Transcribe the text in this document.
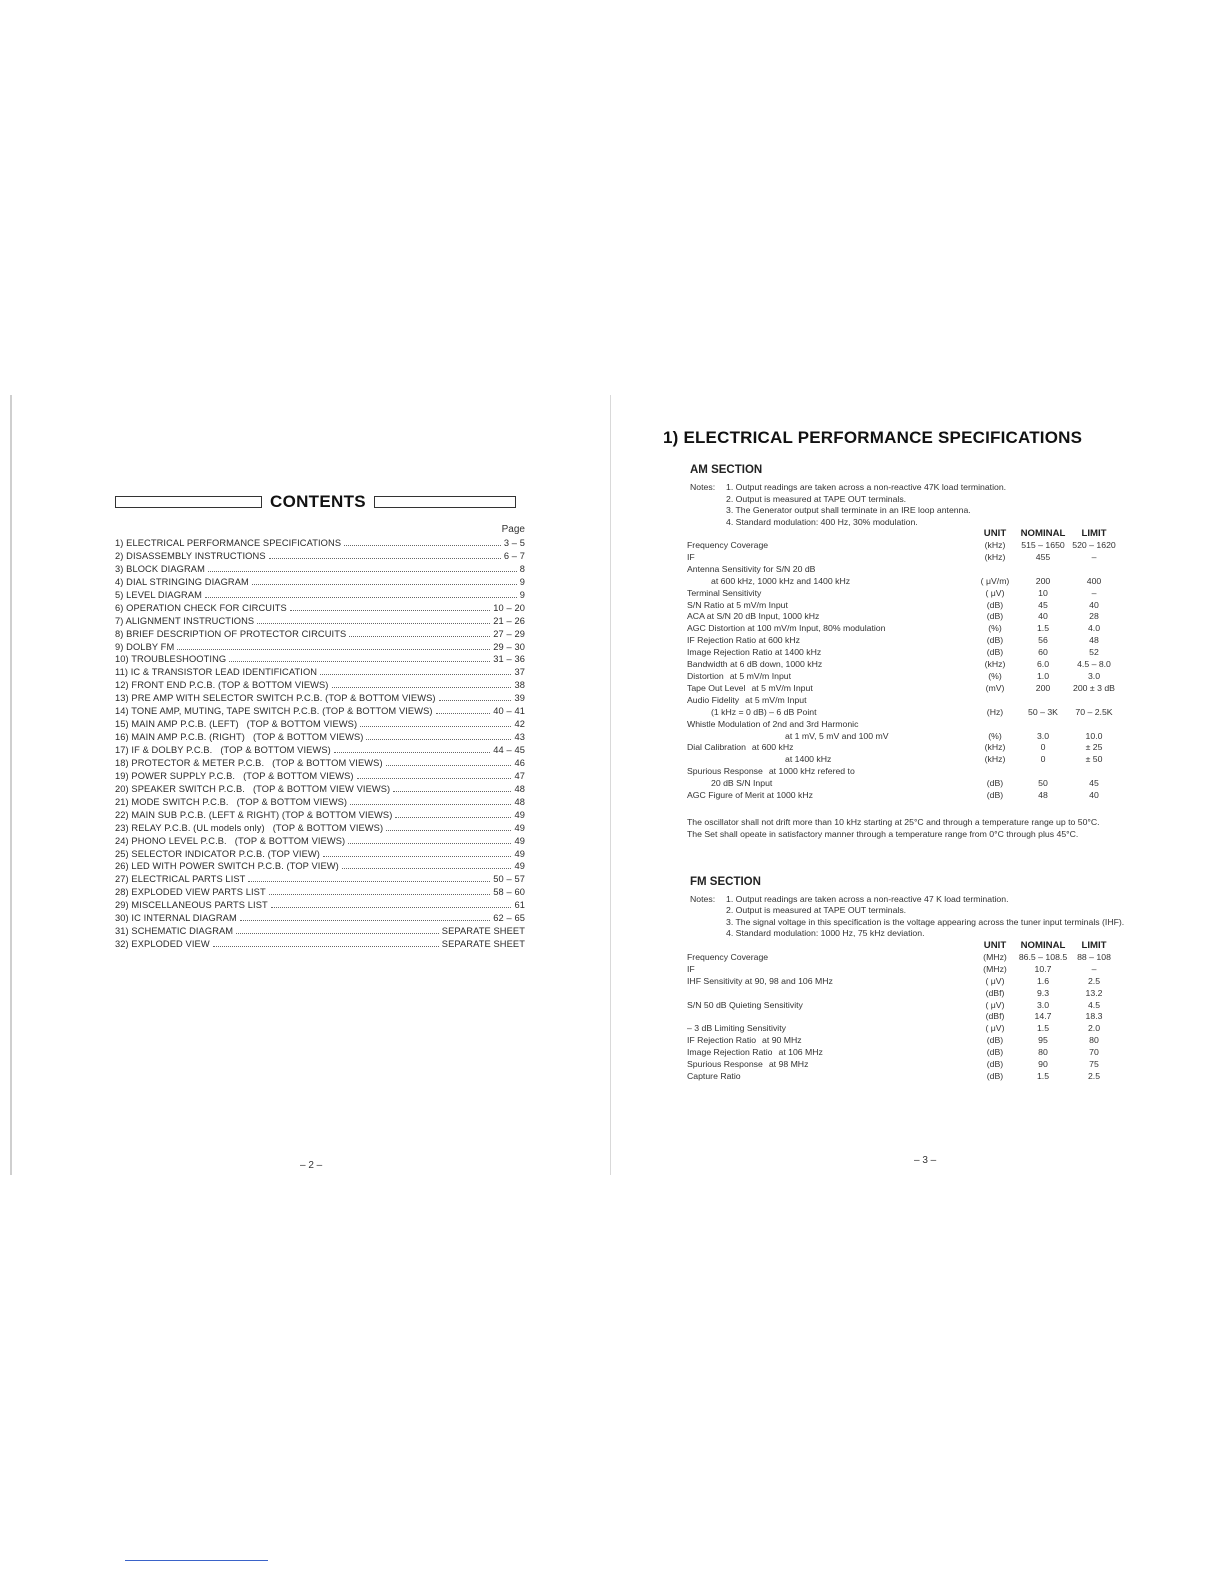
CONTENTS
Page
1) ELECTRICAL PERFORMANCE SPECIFICATIONS	3 – 5
2) DISASSEMBLY INSTRUCTIONS	6 – 7
3) BLOCK DIAGRAM	8
4) DIAL STRINGING DIAGRAM	9
5) LEVEL DIAGRAM	9
6) OPERATION CHECK FOR CIRCUITS	10 – 20
7) ALIGNMENT INSTRUCTIONS	21 – 26
8) BRIEF DESCRIPTION OF PROTECTOR CIRCUITS	27 – 29
9) DOLBY FM	29 – 30
10) TROUBLESHOOTING	31 – 36
11) IC & TRANSISTOR LEAD IDENTIFICATION	37
12) FRONT END P.C.B. (TOP & BOTTOM VIEWS)	38
13) PRE AMP WITH SELECTOR SWITCH P.C.B. (TOP & BOTTOM VIEWS)	39
14) TONE AMP, MUTING, TAPE SWITCH P.C.B. (TOP & BOTTOM VIEWS)	40 – 41
15) MAIN AMP P.C.B. (LEFT) (TOP & BOTTOM VIEWS)	42
16) MAIN AMP P.C.B. (RIGHT) (TOP & BOTTOM VIEWS)	43
17) IF & DOLBY P.C.B. (TOP & BOTTOM VIEWS)	44 – 45
18) PROTECTOR & METER P.C.B. (TOP & BOTTOM VIEWS)	46
19) POWER SUPPLY P.C.B. (TOP & BOTTOM VIEWS)	47
20) SPEAKER SWITCH P.C.B. (TOP & BOTTOM VIEW VIEWS)	48
21) MODE SWITCH P.C.B. (TOP & BOTTOM VIEWS)	48
22) MAIN SUB P.C.B. (LEFT & RIGHT) (TOP & BOTTOM VIEWS)	49
23) RELAY P.C.B. (UL models only) (TOP & BOTTOM VIEWS)	49
24) PHONO LEVEL P.C.B. (TOP & BOTTOM VIEWS)	49
25) SELECTOR INDICATOR P.C.B. (TOP VIEW)	49
26) LED WITH POWER SWITCH P.C.B. (TOP VIEW)	49
27) ELECTRICAL PARTS LIST	50 – 57
28) EXPLODED VIEW PARTS LIST	58 – 60
29) MISCELLANEOUS PARTS LIST	61
30) IC INTERNAL DIAGRAM	62 – 65
31) SCHEMATIC DIAGRAM	SEPARATE SHEET
32) EXPLODED VIEW	SEPARATE SHEET
– 2 –
1) ELECTRICAL PERFORMANCE SPECIFICATIONS
AM SECTION
Notes:	1. Output readings are taken across a non-reactive 47K load termination.
2. Output is measured at TAPE OUT terminals.
3. The Generator output shall terminate in an IRE loop antenna.
4. Standard modulation: 400 Hz, 30% modulation.
	UNIT	NOMINAL	LIMIT
Frequency Coverage	(kHz)	515 – 1650	520 – 1620
IF	(kHz)	455	–
Antenna Sensitivity for S/N 20 dB			
at 600 kHz, 1000 kHz and 1400 kHz	( μV/m)	200	400
Terminal Sensitivity	( μV)	10	–
S/N Ratio at 5 mV/m Input	(dB)	45	40
ACA at S/N 20 dB Input, 1000 kHz	(dB)	40	28
AGC Distortion at 100 mV/m Input, 80% modulation	(%)	1.5	4.0
IF Rejection Ratio at 600 kHz	(dB)	56	48
Image Rejection Ratio at 1400 kHz	(dB)	60	52
Bandwidth at 6 dB down, 1000 kHz	(kHz)	6.0	4.5 – 8.0
Distortion at 5 mV/m Input	(%)	1.0	3.0
Tape Out Level at 5 mV/m Input	(mV)	200	200 ± 3 dB
Audio Fidelity at 5 mV/m Input			
(1 kHz = 0 dB) – 6 dB Point	(Hz)	50 – 3K	70 – 2.5K
Whistle Modulation of 2nd and 3rd Harmonic			
at 1 mV, 5 mV and 100 mV	(%)	3.0	10.0
Dial Calibration at 600 kHz	(kHz)	0	± 25
at 1400 kHz	(kHz)	0	± 50
Spurious Response at 1000 kHz refered to			
20 dB S/N Input	(dB)	50	45
AGC Figure of Merit at 1000 kHz	(dB)	48	40

The oscillator shall not drift more than 10 kHz starting at 25°C and through a temperature range up to 50°C.

The Set shall opeate in satisfactory manner through a temperature range from 0°C through plus 45°C.

FM SECTION
Notes:	1. Output readings are taken across a non-reactive 47 K load termination.
2. Output is measured at TAPE OUT terminals.
3. The signal voltage in this specification is the voltage appearing across the tuner input terminals (IHF).
4. Standard modulation: 1000 Hz, 75 kHz deviation.
	UNIT	NOMINAL	LIMIT
Frequency Coverage	(MHz)	86.5 – 108.5	88 – 108
IF	(MHz)	10.7	–
IHF Sensitivity at 90, 98 and 106 MHz	( μV)	1.6	2.5
	(dBf)	9.3	13.2
S/N 50 dB Quieting Sensitivity	( μV)	3.0	4.5
	(dBf)	14.7	18.3
– 3 dB Limiting Sensitivity	( μV)	1.5	2.0
IF Rejection Ratio at 90 MHz	(dB)	95	80
Image Rejection Ratio at 106 MHz	(dB)	80	70
Spurious Response at 98 MHz	(dB)	90	75
Capture Ratio	(dB)	1.5	2.5
– 3 –
